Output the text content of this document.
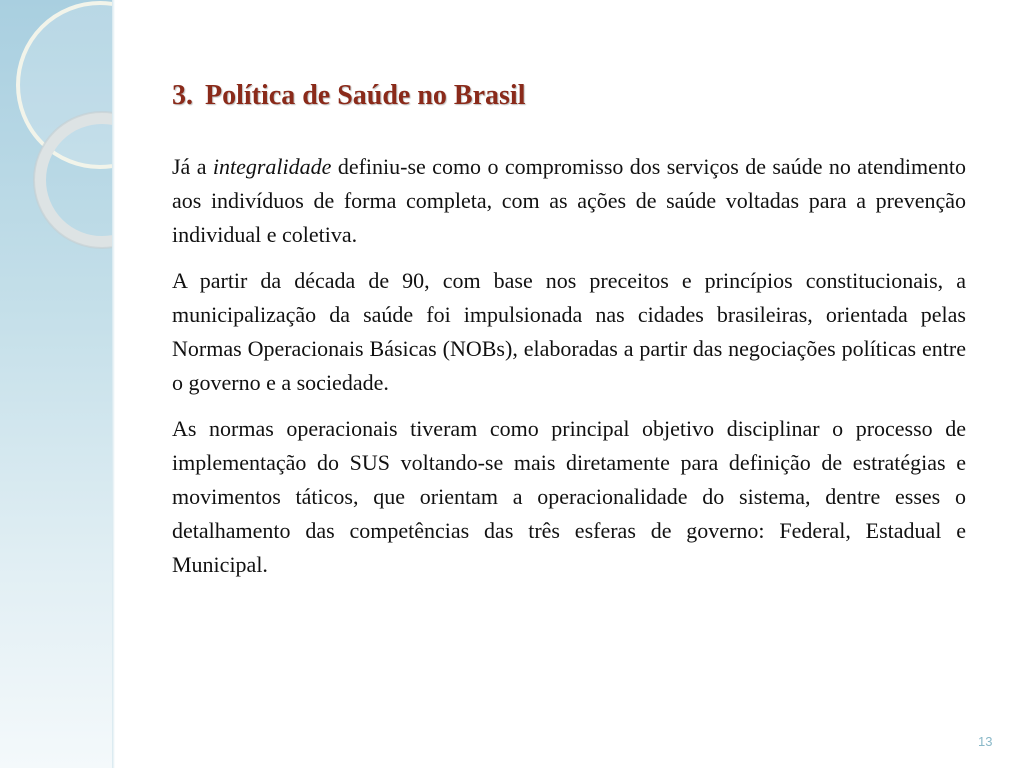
3. Política de Saúde no Brasil

Já a integralidade definiu-se como o compromisso dos serviços de saúde no atendimento aos indivíduos de forma completa, com as ações de saúde voltadas para a prevenção individual e coletiva.

A partir da década de 90, com base nos preceitos e princípios constitucionais, a municipalização da saúde foi impulsionada nas cidades brasileiras, orientada pelas Normas Operacionais Básicas (NOBs), elaboradas a partir das negociações políticas entre o governo e a sociedade.

As normas operacionais tiveram como principal objetivo disciplinar o processo de implementação do SUS voltando-se mais diretamente para definição de estratégias e movimentos táticos, que orientam a operacionalidade do sistema, dentre esses o detalhamento das competências das três esferas de governo: Federal, Estadual e Municipal.

13
